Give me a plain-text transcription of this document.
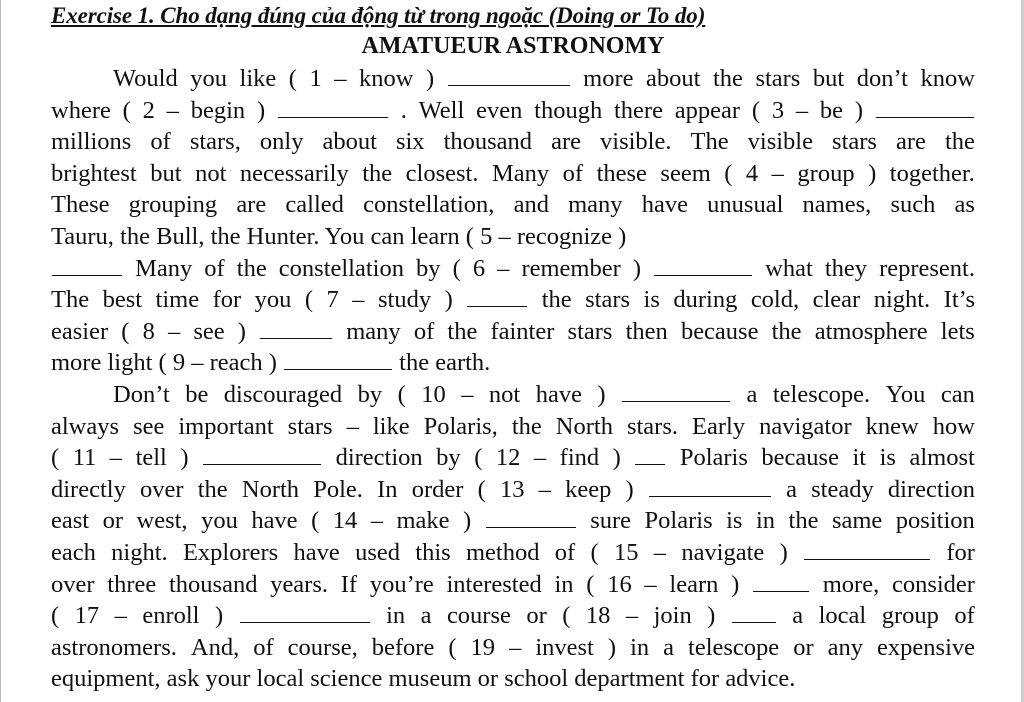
Exercise 1. Cho dạng đúng của động từ trong ngoặc (Doing or To do)
AMATUEUR ASTRONOMY
Would you like ( 1 – know )	more about the stars but don’t know
where ( 2 – begin )	. Well even though there appear ( 3 – be )
millions of stars, only about six thousand are visible. The visible stars are the
brightest but not necessarily the closest. Many of these seem ( 4 – group ) together.
These grouping are called constellation, and many have unusual names, such as
Tauru, the Bull, the Hunter. You can learn ( 5 – recognize )
Many of the constellation by ( 6 – remember )	what they represent.
The best time for you ( 7 – study )	the stars is during cold, clear night. It’s
easier ( 8 – see )	many of the fainter stars then because the atmosphere lets
more light ( 9 – reach )	the earth.
Don’t be discouraged by ( 10 – not have )	a telescope. You can
always see important stars – like Polaris, the North stars. Early navigator knew how
( 11 – tell )	direction by ( 12 – find ) Polaris because it is almost
directly over the North Pole. In order ( 13 – keep )	a steady direction
east or west, you have ( 14 – make )	sure Polaris is in the same position
each night. Explorers have used this method of ( 15 – navigate )	for
over three thousand years. If you’re interested in ( 16 – learn )	more, consider
( 17 – enroll )	in a course or ( 18 – join )	a local group of
astronomers. And, of course, before ( 19 – invest ) in a telescope or any expensive
equipment, ask your local science museum or school department for advice.
